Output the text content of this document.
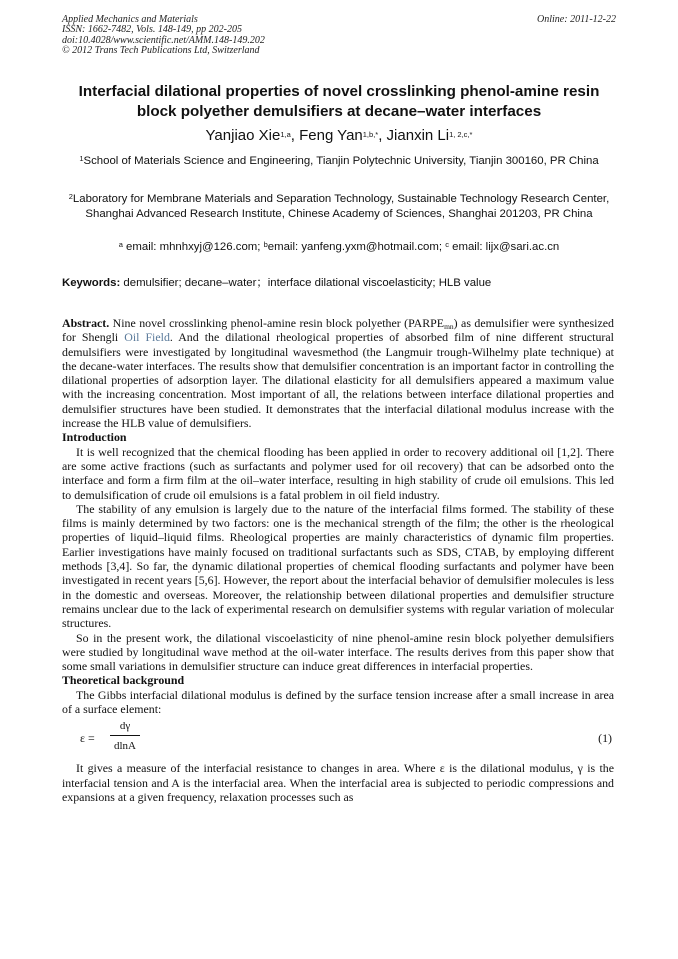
Applied Mechanics and Materials
ISSN: 1662-7482, Vols. 148-149, pp 202-205
doi:10.4028/www.scientific.net/AMM.148-149.202
© 2012 Trans Tech Publications Ltd, Switzerland
Online: 2011-12-22
Interfacial dilational properties of novel crosslinking phenol-amine resin block polyether demulsifiers at decane–water interfaces
Yanjiao Xie$^{1,a}$, Feng Yan$^{1,b,*}$, Jianxin $Li^{1, 2,c,*}$
$^1$School of Materials Science and Engineering, Tianjin Polytechnic University, Tianjin 300160, PR China
$^2$Laboratory for Membrane Materials and Separation Technology, Sustainable Technology Research Center, Shanghai Advanced Research Institute, Chinese Academy of Sciences, Shanghai 201203, PR China
$^a$ email: mhnhxyj@126.com; $^b$email: yanfeng.yxm@hotmail.com; $^c$ email: lijx@sari.ac.cn
Keywords: demulsifier; decane–water；interface dilational viscoelasticity; HLB value

Abstract. Nine novel crosslinking phenol-amine resin block polyether $(PARPE_{mn})$ as demulsifier were synthesized for Shengli Oil Field. And the dilational rheological properties of absorbed film of nine different structural demulsifiers were investigated by longitudinal wavesmethod (the Langmuir trough-Wilhelmy plate technique) at the decane-water interfaces. The results show that demulsifier concentration is an important factor in controlling the dilational properties of adsorption layer. The dilational elasticity for all demulsifiers appeared a maximum value with the increasing concentration. Most important of all, the relations between interface dilational properties and demulsifier structures have been studied. It demonstrates that the interfacial dilational modulus increase with the increase the HLB value of demulsifiers.

Introduction

It is well recognized that the chemical flooding has been applied in order to recovery additional oil [1,2]. There are some active fractions (such as surfactants and polymer used for oil recovery) that can be adsorbed onto the interface and form a firm film at the oil–water interface, resulting in high stability of crude oil emulsions. This led to demulsification of crude oil emulsions is a fatal problem in oil field industry.

The stability of any emulsion is largely due to the nature of the interfacial films formed. The stability of these films is mainly determined by two factors: one is the mechanical strength of the film; the other is the rheological properties of liquid–liquid films. Rheological properties are mainly characteristics of dynamic film properties. Earlier investigations have mainly focused on traditional surfactants such as SDS, CTAB, by employing different methods [3,4]. So far, the dynamic dilational properties of chemical flooding surfactants and polymer have been investigated in recent years [5,6]. However, the report about the interfacial behavior of demulsifier molecules is less in the domestic and overseas. Moreover, the relationship between dilational properties and demulsifier structure remains unclear due to the lack of experimental research on demulsifier systems with regular variation of molecular structures.

So in the present work, the dilational viscoelasticity of nine phenol-amine resin block polyether demulsifiers were studied by longitudinal wave method at the oil-water interface. The results derives from this paper show that some small variations in demulsifier structure can induce great differences in interfacial properties.

Theoretical background

The Gibbs interfacial dilational modulus is defined by the surface tension increase after a small increase in area of a surface element:

ε =
dγ
dlnA
(1)

It gives a measure of the interfacial resistance to changes in area. Where ε is the dilational modulus, γ is the interfacial tension and A is the interfacial area. When the interfacial area is subjected to periodic compressions and expansions at a given frequency, relaxation processes such as
